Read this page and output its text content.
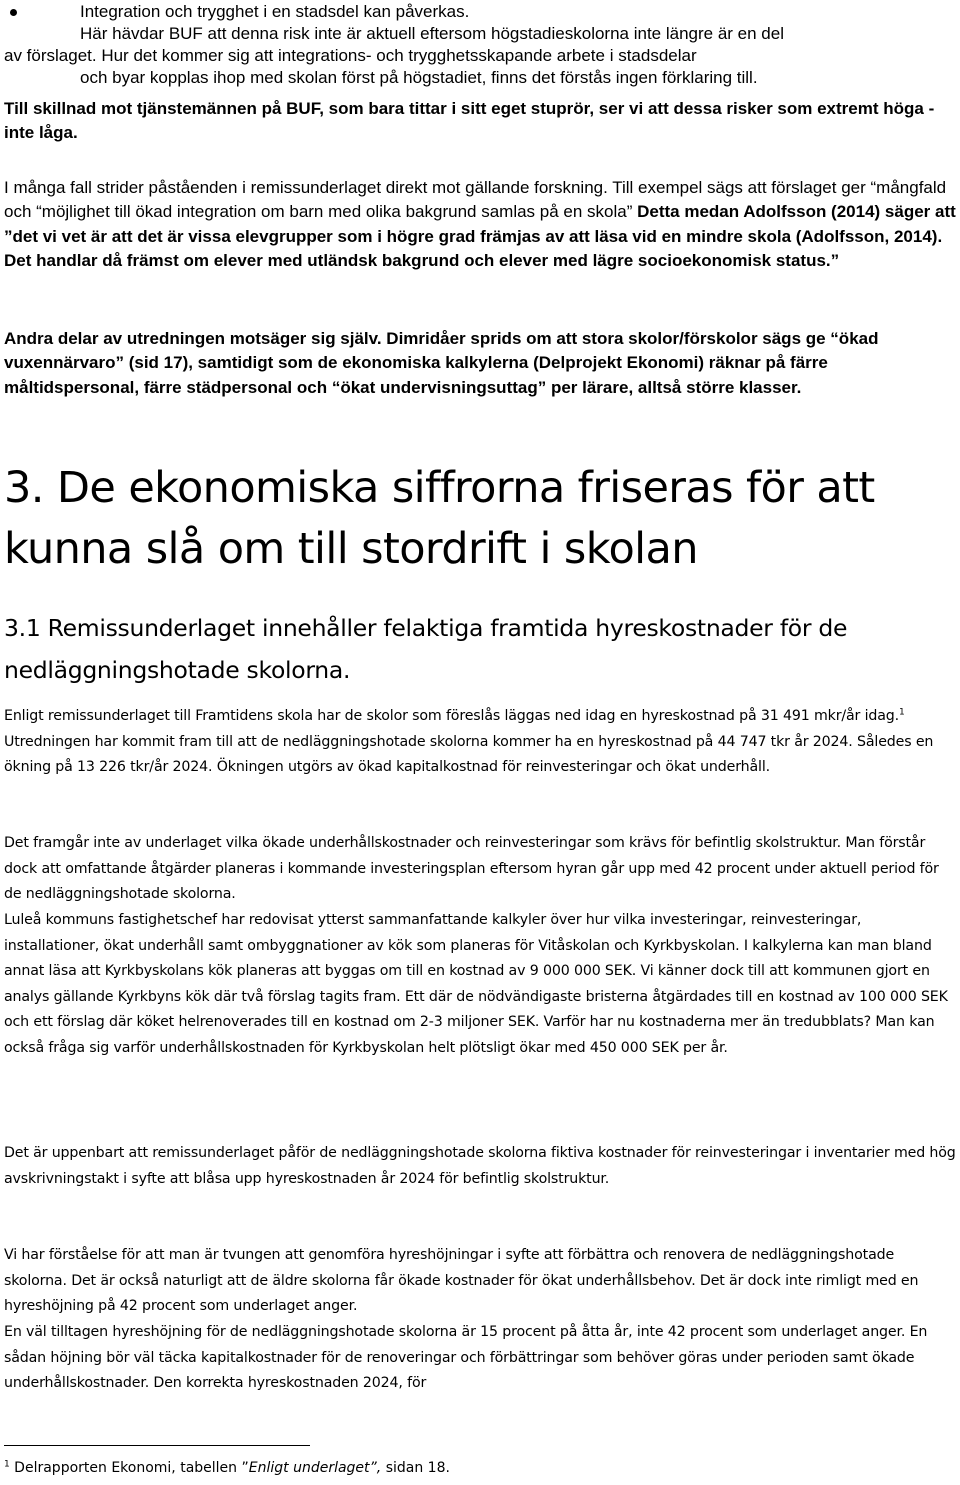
Integration och trygghet i en stadsdel kan påverkas.
Här hävdar BUF att denna risk inte är aktuell eftersom högstadieskolorna inte längre är en del
av förslaget. Hur det kommer sig att integrations- och trygghetsskapande arbete i stadsdelar
och byar kopplas ihop med skolan först på högstadiet, finns det förstås ingen förklaring till.
Till skillnad mot tjänstemännen på BUF, som bara tittar i sitt eget stuprör, ser vi att dessa risker som extremt höga - inte låga.
I många fall strider påståenden i remissunderlaget direkt mot gällande forskning. Till exempel sägs att förslaget ger “mångfald och “möjlighet till ökad integration om barn med olika bakgrund samlas på en skola” Detta medan Adolfsson (2014) säger att ”det vi vet är att det är vissa elevgrupper som i högre grad främjas av att läsa vid en mindre skola (Adolfsson, 2014). Det handlar då främst om elever med utländsk bakgrund och elever med lägre socioekonomisk status.”
Andra delar av utredningen motsäger sig själv. Dimridåer sprids om att stora skolor/förskolor sägs ge “ökad vuxennärvaro” (sid 17), samtidigt som de ekonomiska kalkylerna (Delprojekt Ekonomi) räknar på färre måltidspersonal, färre städpersonal och “ökat undervisningsuttag” per lärare, alltså större klasser.
3. De ekonomiska siffrorna friseras för att
kunna slå om till stordrift i skolan
3.1 Remissunderlaget innehåller felaktiga framtida hyreskostnader för de
nedläggningshotade skolorna.
Enligt remissunderlaget till Framtidens skola har de skolor som föreslås läggas ned idag en hyreskostnad på 31 491 mkr/år idag.$^1$ Utredningen har kommit fram till att de nedläggningshotade skolorna kommer ha en hyreskostnad på 44 747 tkr år 2024. Således en ökning på 13 226 tkr/år 2024. Ökningen utgörs av ökad kapitalkostnad för reinvesteringar och ökat underhåll.
Det framgår inte av underlaget vilka ökade underhållskostnader och reinvesteringar som krävs för befintlig skolstruktur. Man förstår dock att omfattande åtgärder planeras i kommande investeringsplan eftersom hyran går upp med 42 procent under aktuell period för de nedläggningshotade skolorna.
Luleå kommuns fastighetschef har redovisat ytterst sammanfattande kalkyler över hur vilka investeringar, reinvesteringar, installationer, ökat underhåll samt ombyggnationer av kök som planeras för Vitåskolan och Kyrkbyskolan. I kalkylerna kan man bland annat läsa att Kyrkbyskolans kök planeras att byggas om till en kostnad av 9 000 000 SEK. Vi känner dock till att kommunen gjort en analys gällande Kyrkbyns kök där två förslag tagits fram. Ett där de nödvändigaste bristerna åtgärdades till en kostnad av 100 000 SEK och ett förslag där köket helrenoverades till en kostnad om 2-3 miljoner SEK. Varför har nu kostnaderna mer än tredubblats? Man kan också fråga sig varför underhållskostnaden för Kyrkbyskolan helt plötsligt ökar med 450 000 SEK per år.
Det är uppenbart att remissunderlaget påför de nedläggningshotade skolorna fiktiva kostnader för reinvesteringar i inventarier med hög avskrivningstakt i syfte att blåsa upp hyreskostnaden år 2024 för befintlig skolstruktur.
Vi har förståelse för att man är tvungen att genomföra hyreshöjningar i syfte att förbättra och renovera de nedläggningshotade skolorna. Det är också naturligt att de äldre skolorna får ökade kostnader för ökat underhållsbehov. Det är dock inte rimligt med en hyreshöjning på 42 procent som underlaget anger.
En väl tilltagen hyreshöjning för de nedläggningshotade skolorna är 15 procent på åtta år, inte 42 procent som underlaget anger. En sådan höjning bör väl täcka kapitalkostnader för de renoveringar och förbättringar som behöver göras under perioden samt ökade underhållskostnader. Den korrekta hyreskostnaden 2024, för
$^1$ Delrapporten Ekonomi, tabellen ”Enligt underlaget”, sidan 18.
